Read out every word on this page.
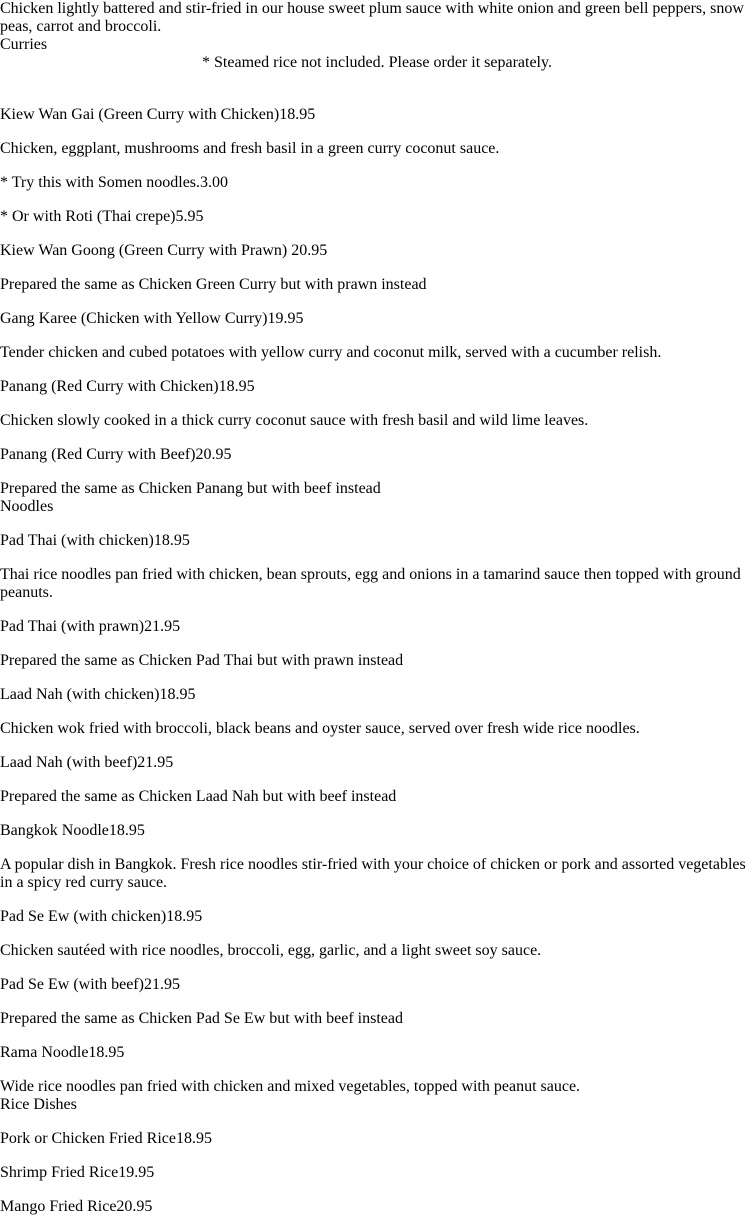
Chicken lightly battered and stir-fried in our house sweet plum sauce with white onion and green bell peppers, snow peas, carrot and broccoli.

Curries

* Steamed rice not included. Please order it separately.

Kiew Wan Gai (Green Curry with Chicken)18.95

Chicken, eggplant, mushrooms and fresh basil in a green curry coconut sauce.

* Try this with Somen noodles.3.00

* Or with Roti (Thai crepe)5.95

Kiew Wan Goong (Green Curry with Prawn) 20.95

Prepared the same as Chicken Green Curry but with prawn instead

Gang Karee (Chicken with Yellow Curry)19.95

Tender chicken and cubed potatoes with yellow curry and coconut milk, served with a cucumber relish.

Panang (Red Curry with Chicken)18.95

Chicken slowly cooked in a thick curry coconut sauce with fresh basil and wild lime leaves.

Panang (Red Curry with Beef)20.95

Prepared the same as Chicken Panang but with beef instead

Noodles

Pad Thai (with chicken)18.95

Thai rice noodles pan fried with chicken, bean sprouts, egg and onions in a tamarind sauce then topped with ground peanuts.

Pad Thai (with prawn)21.95

Prepared the same as Chicken Pad Thai but with prawn instead

Laad Nah (with chicken)18.95

Chicken wok fried with broccoli, black beans and oyster sauce, served over fresh wide rice noodles.

Laad Nah (with beef)21.95

Prepared the same as Chicken Laad Nah but with beef instead

Bangkok Noodle18.95

A popular dish in Bangkok. Fresh rice noodles stir-fried with your choice of chicken or pork and assorted vegetables in a spicy red curry sauce.

Pad Se Ew (with chicken)18.95

Chicken sautéed with rice noodles, broccoli, egg, garlic, and a light sweet soy sauce.

Pad Se Ew (with beef)21.95

Prepared the same as Chicken Pad Se Ew but with beef instead

Rama Noodle18.95

Wide rice noodles pan fried with chicken and mixed vegetables, topped with peanut sauce.

Rice Dishes

Pork or Chicken Fried Rice18.95

Shrimp Fried Rice19.95

Mango Fried Rice20.95
